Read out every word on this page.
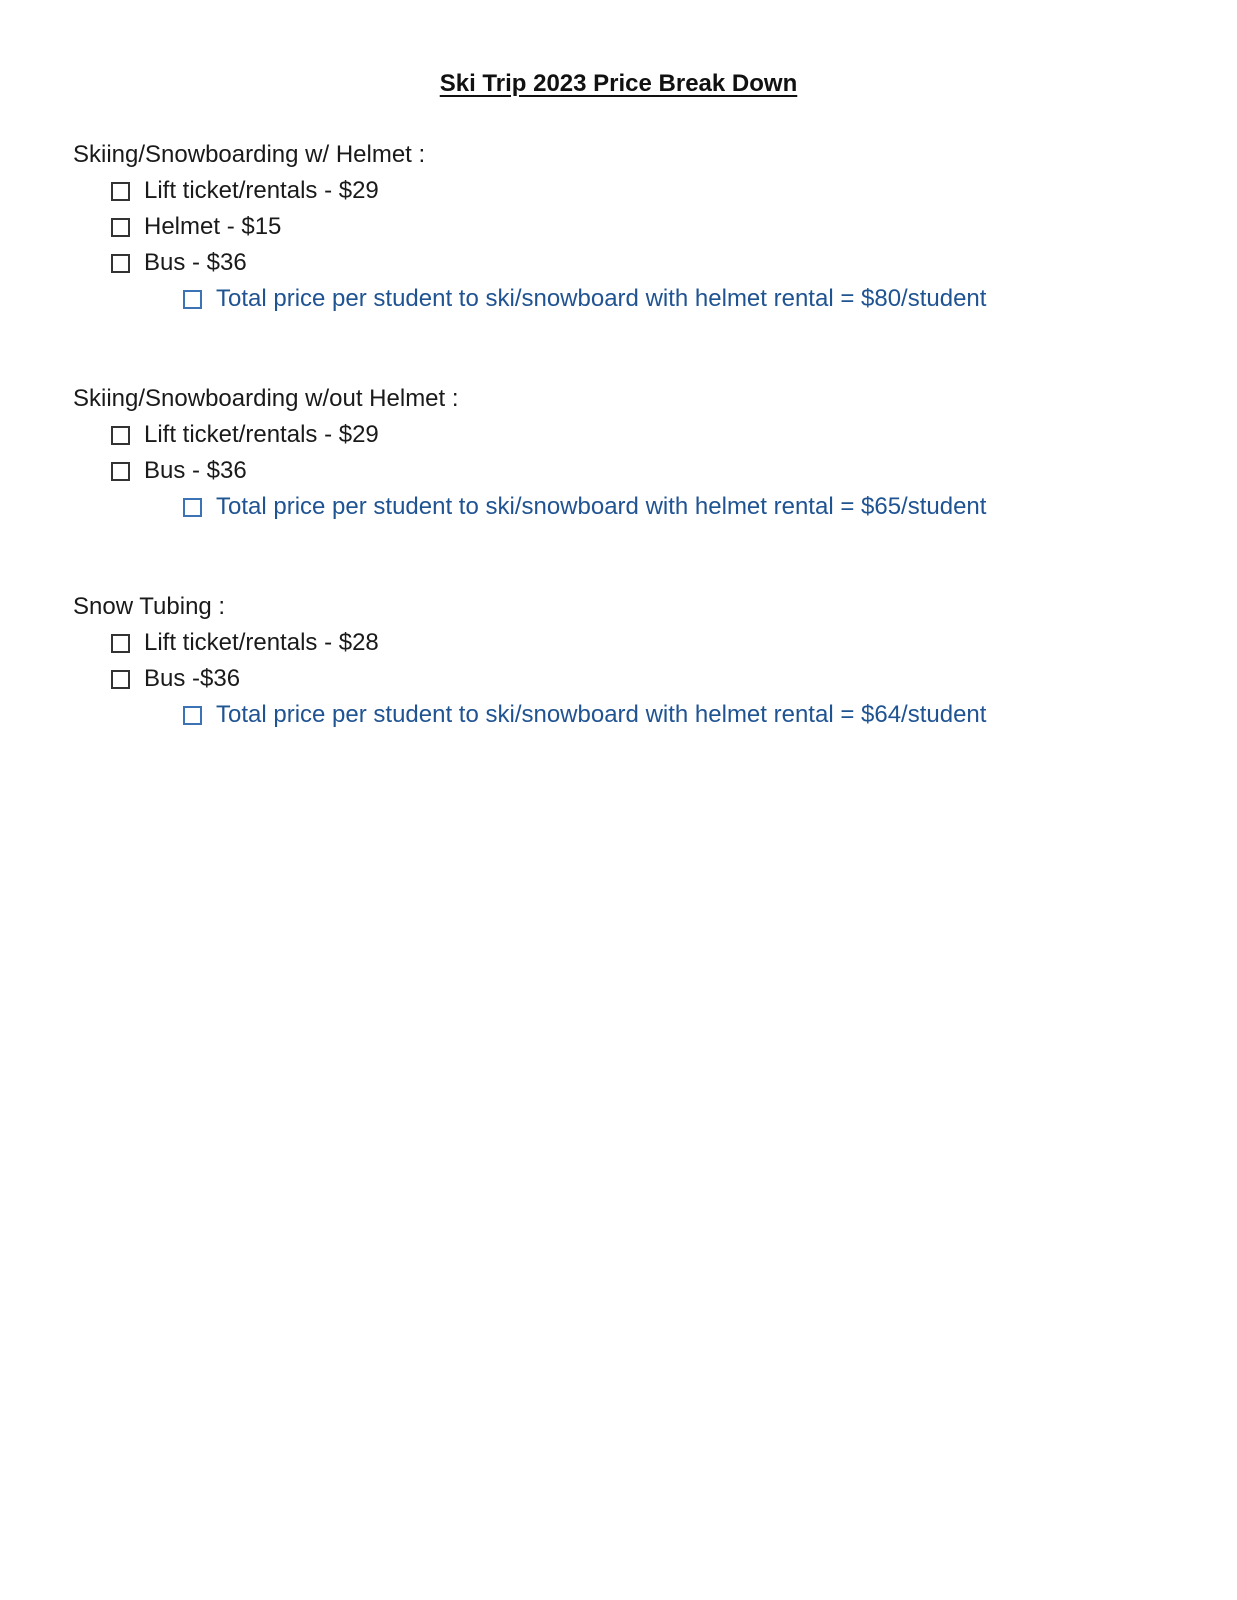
Ski Trip 2023 Price Break Down

Skiing/Snowboarding w/ Helmet :

Lift ticket/rentals - $29
Helmet - $15
Bus - $36
Total price per student to ski/snowboard with helmet rental = $80/student

Skiing/Snowboarding w/out Helmet :

Lift ticket/rentals - $29
Bus - $36
Total price per student to ski/snowboard with helmet rental = $65/student

Snow Tubing :

Lift ticket/rentals - $28
Bus -$36
Total price per student to ski/snowboard with helmet rental = $64/student
